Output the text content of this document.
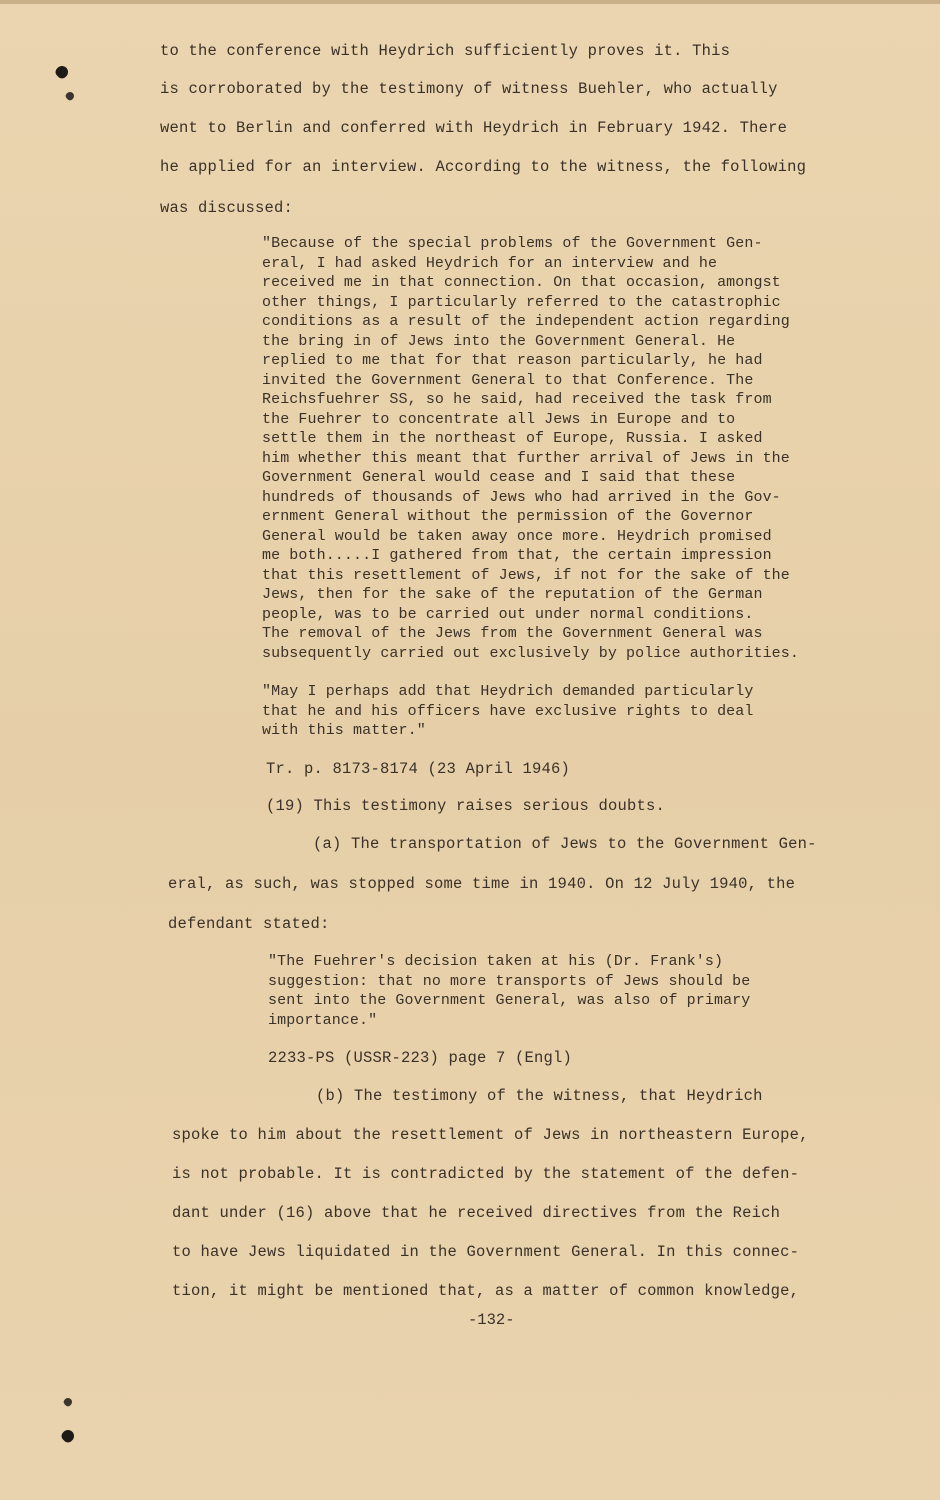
to the conference with Heydrich sufficiently proves it. This
is corroborated by the testimony of witness Buehler, who actually
went to Berlin and conferred with Heydrich in February 1942. There
he applied for an interview. According to the witness, the following
was discussed:
"Because of the special problems of the Government Gen-
eral, I had asked Heydrich for an interview and he
received me in that connection. On that occasion, amongst
other things, I particularly referred to the catastrophic
conditions as a result of the independent action regarding
the bring in of Jews into the Government General. He
replied to me that for that reason particularly, he had
invited the Government General to that Conference. The
Reichsfuehrer SS, so he said, had received the task from
the Fuehrer to concentrate all Jews in Europe and to
settle them in the northeast of Europe, Russia. I asked
him whether this meant that further arrival of Jews in the
Government General would cease and I said that these
hundreds of thousands of Jews who had arrived in the Gov-
ernment General without the permission of the Governor
General would be taken away once more. Heydrich promised
me both.....I gathered from that, the certain impression
that this resettlement of Jews, if not for the sake of the
Jews, then for the sake of the reputation of the German
people, was to be carried out under normal conditions.
The removal of the Jews from the Government General was
subsequently carried out exclusively by police authorities.
"May I perhaps add that Heydrich demanded particularly
that he and his officers have exclusive rights to deal
with this matter."
Tr. p. 8173-8174 (23 April 1946)
(19) This testimony raises serious doubts.
(a) The transportation of Jews to the Government Gen-
eral, as such, was stopped some time in 1940. On 12 July 1940, the
defendant stated:
"The Fuehrer's decision taken at his (Dr. Frank's)
suggestion: that no more transports of Jews should be
sent into the Government General, was also of primary
importance."
2233-PS (USSR-223) page 7 (Engl)
(b) The testimony of the witness, that Heydrich
spoke to him about the resettlement of Jews in northeastern Europe,
is not probable. It is contradicted by the statement of the defen-
dant under (16) above that he received directives from the Reich
to have Jews liquidated in the Government General. In this connec-
tion, it might be mentioned that, as a matter of common knowledge,
-132-
